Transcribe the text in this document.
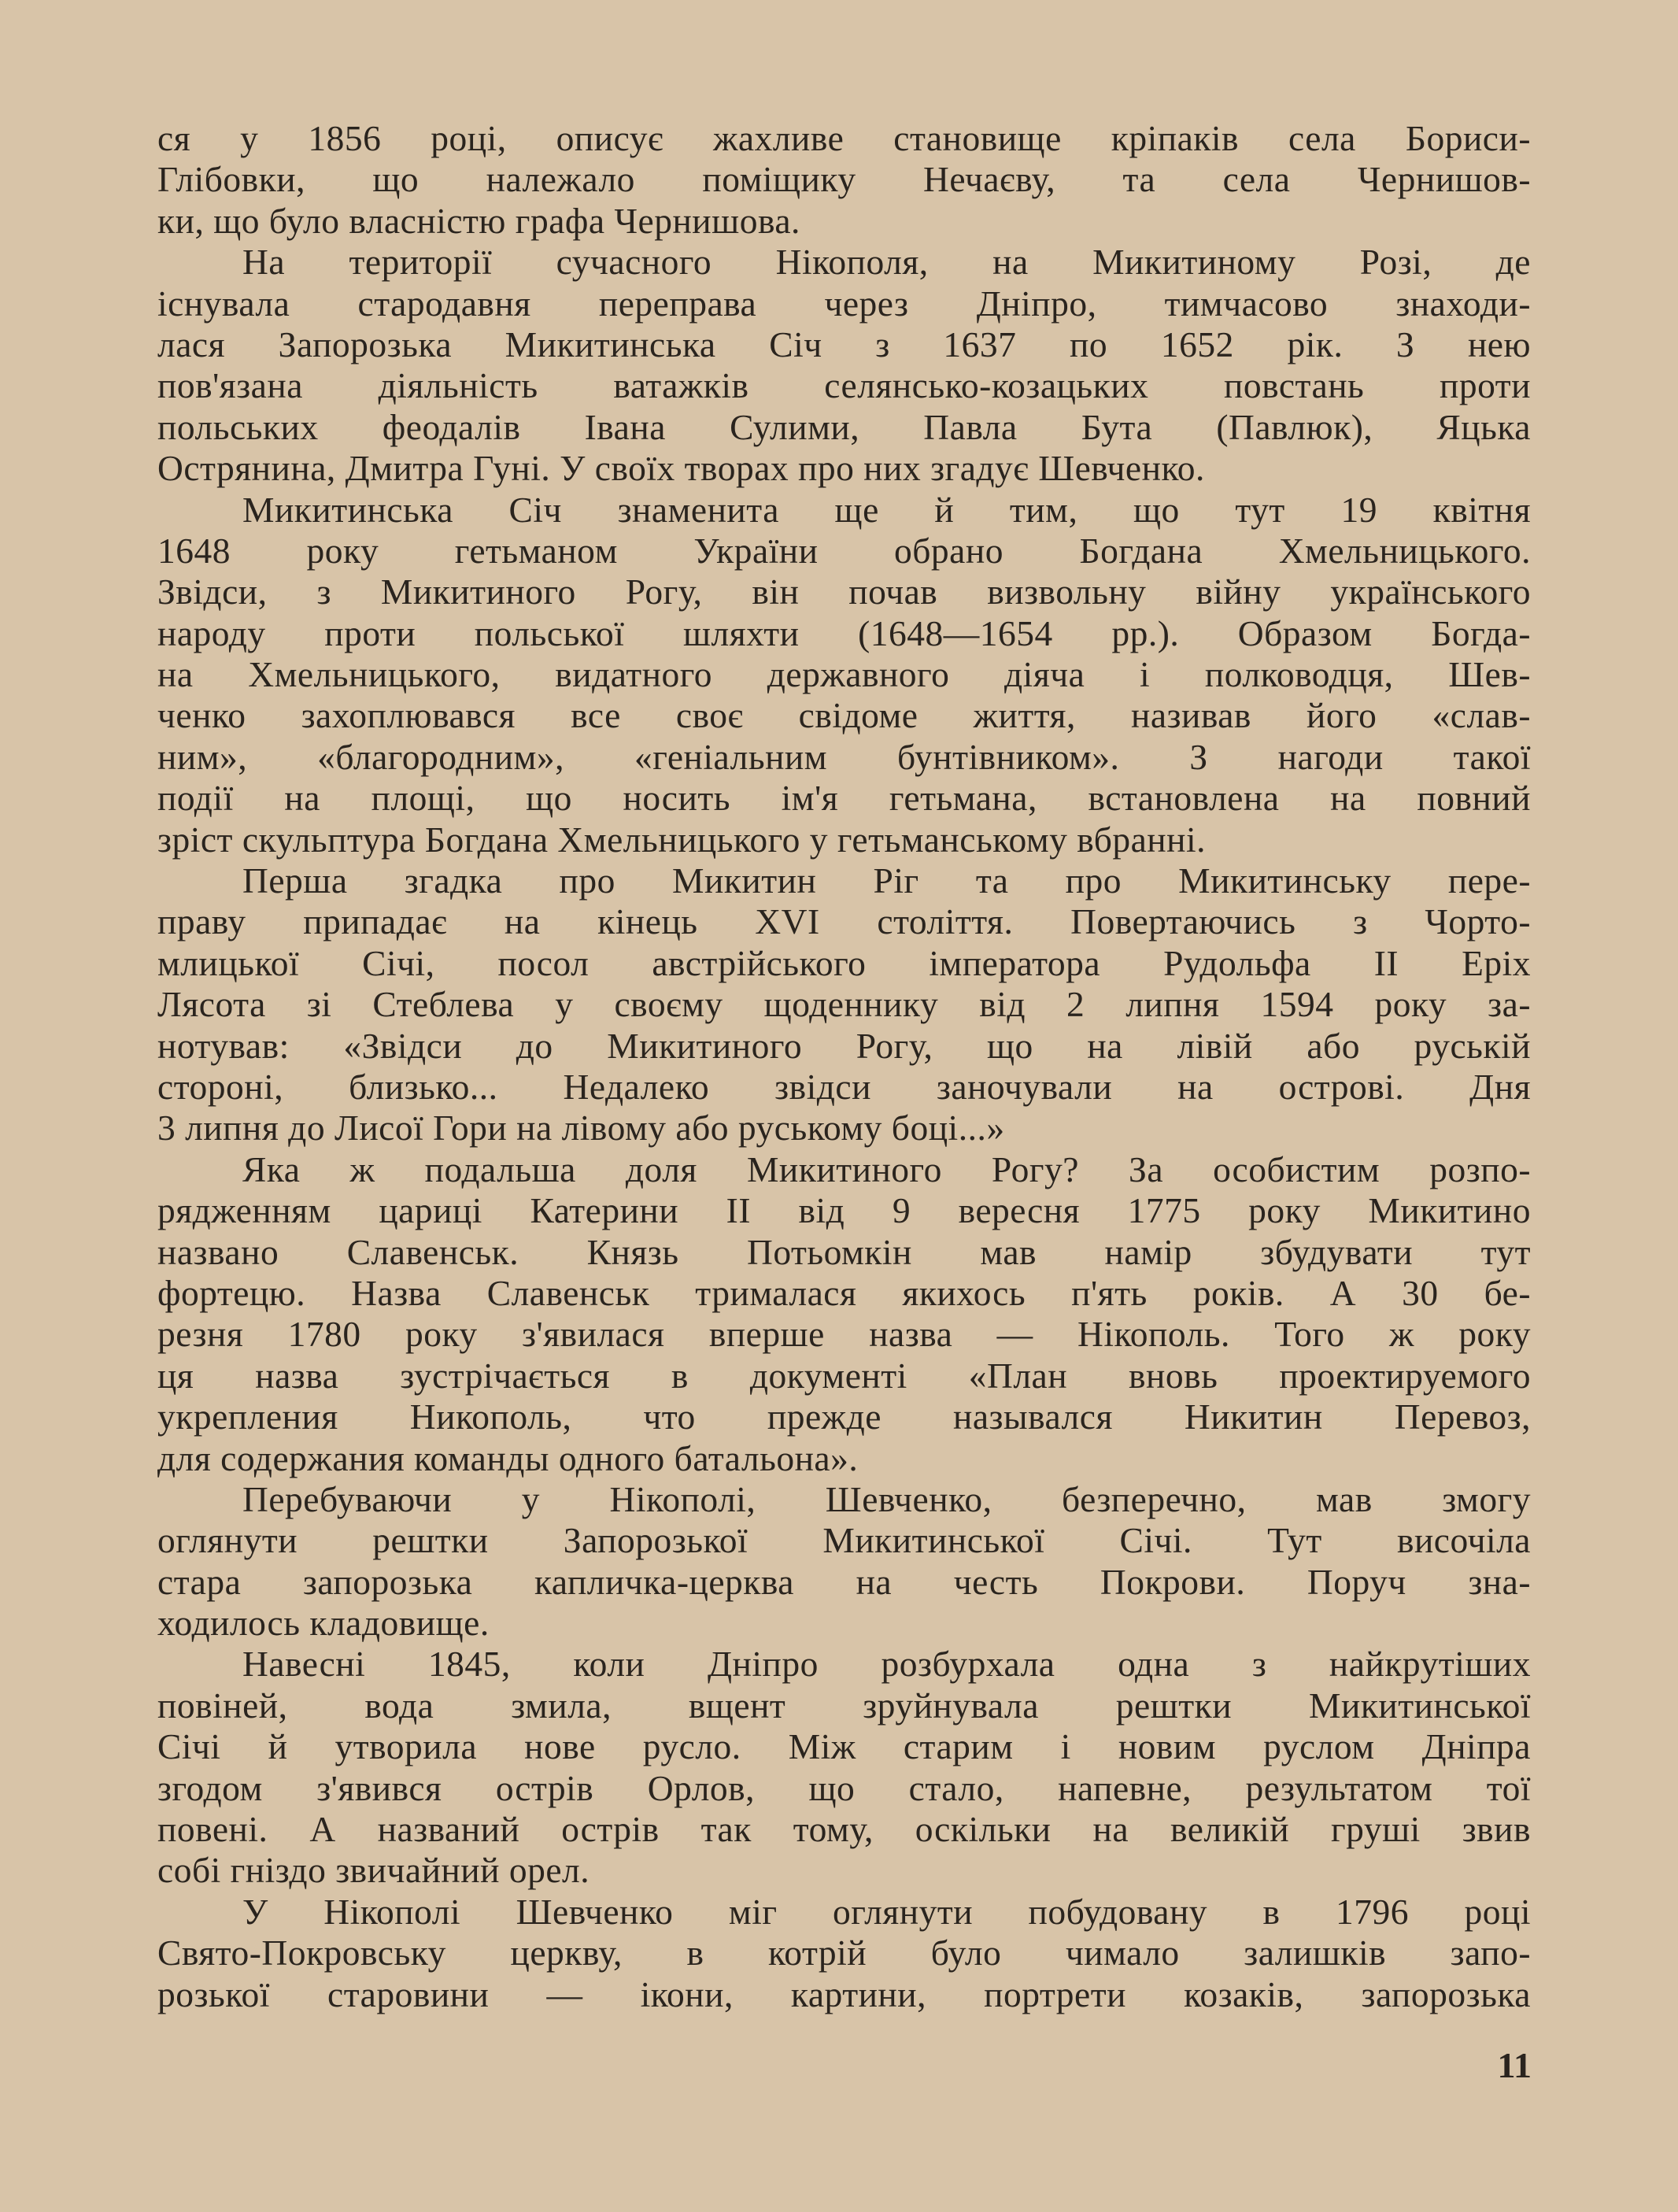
ся у 1856 році, описує жахливе становище кріпаків села Бориси-
Глібовки, що належало поміщику Нечаєву, та села Чернишов-
ки, що було власністю графа Чернишова.
На території сучасного Нікополя, на Микитиному Розі, де
існувала стародавня переправа через Дніпро, тимчасово знаходи-
лася Запорозька Микитинська Січ з 1637 по 1652 рік. З нею
пов'язана діяльність ватажків селянсько-козацьких повстань проти
польських феодалів Івана Сулими, Павла Бута (Павлюк), Яцька
Острянина, Дмитра Гуні. У своїх творах про них згадує Шевченко.
Микитинська Січ знаменита ще й тим, що тут 19 квітня
1648 року гетьманом України обрано Богдана Хмельницького.
Звідси, з Микитиного Рогу, він почав визвольну війну українського
народу проти польської шляхти (1648—1654 рр.). Образом Богда-
на Хмельницького, видатного державного діяча і полководця, Шев-
ченко захоплювався все своє свідоме життя, називав його «слав-
ним», «благородним», «геніальним бунтівником». З нагоди такої
події на площі, що носить ім'я гетьмана, встановлена на повний
зріст скульптура Богдана Хмельницького у гетьманському вбранні.
Перша згадка про Микитин Ріг та про Микитинську пере-
праву припадає на кінець XVI століття. Повертаючись з Чорто-
млицької Січі, посол австрійського імператора Рудольфа II Еріх
Лясота зі Стеблева у своєму щоденнику від 2 липня 1594 року за-
нотував: «Звідси до Микитиного Рогу, що на лівій або руській
стороні, близько... Недалеко звідси заночували на острові. Дня
3 липня до Лисої Гори на лівому або руському боці...»
Яка ж подальша доля Микитиного Рогу? За особистим розпо-
рядженням цариці Катерини II від 9 вересня 1775 року Микитино
названо Славенськ. Князь Потьомкін мав намір збудувати тут
фортецю. Назва Славенськ трималася якихось п'ять років. А 30 бе-
резня 1780 року з'явилася вперше назва — Нікополь. Того ж року
ця назва зустрічається в документі «План вновь проектируемого
укрепления Никополь, что прежде назывался Никитин Перевоз,
для содержания команды одного батальона».
Перебуваючи у Нікополі, Шевченко, безперечно, мав змогу
оглянути рештки Запорозької Микитинської Січі. Тут височіла
стара запорозька капличка-церква на честь Покрови. Поруч зна-
ходилось кладовище.
Навесні 1845, коли Дніпро розбурхала одна з найкрутіших
повіней, вода змила, вщент зруйнувала рештки Микитинської
Січі й утворила нове русло. Між старим і новим руслом Дніпра
згодом з'явився острів Орлов, що стало, напевне, результатом тої
повені. А названий острів так тому, оскільки на великій груші звив
собі гніздо звичайний орел.
У Нікополі Шевченко міг оглянути побудовану в 1796 році
Свято-Покровську церкву, в котрій було чимало залишків запо-
розької старовини — ікони, картини, портрети козаків, запорозька
11
